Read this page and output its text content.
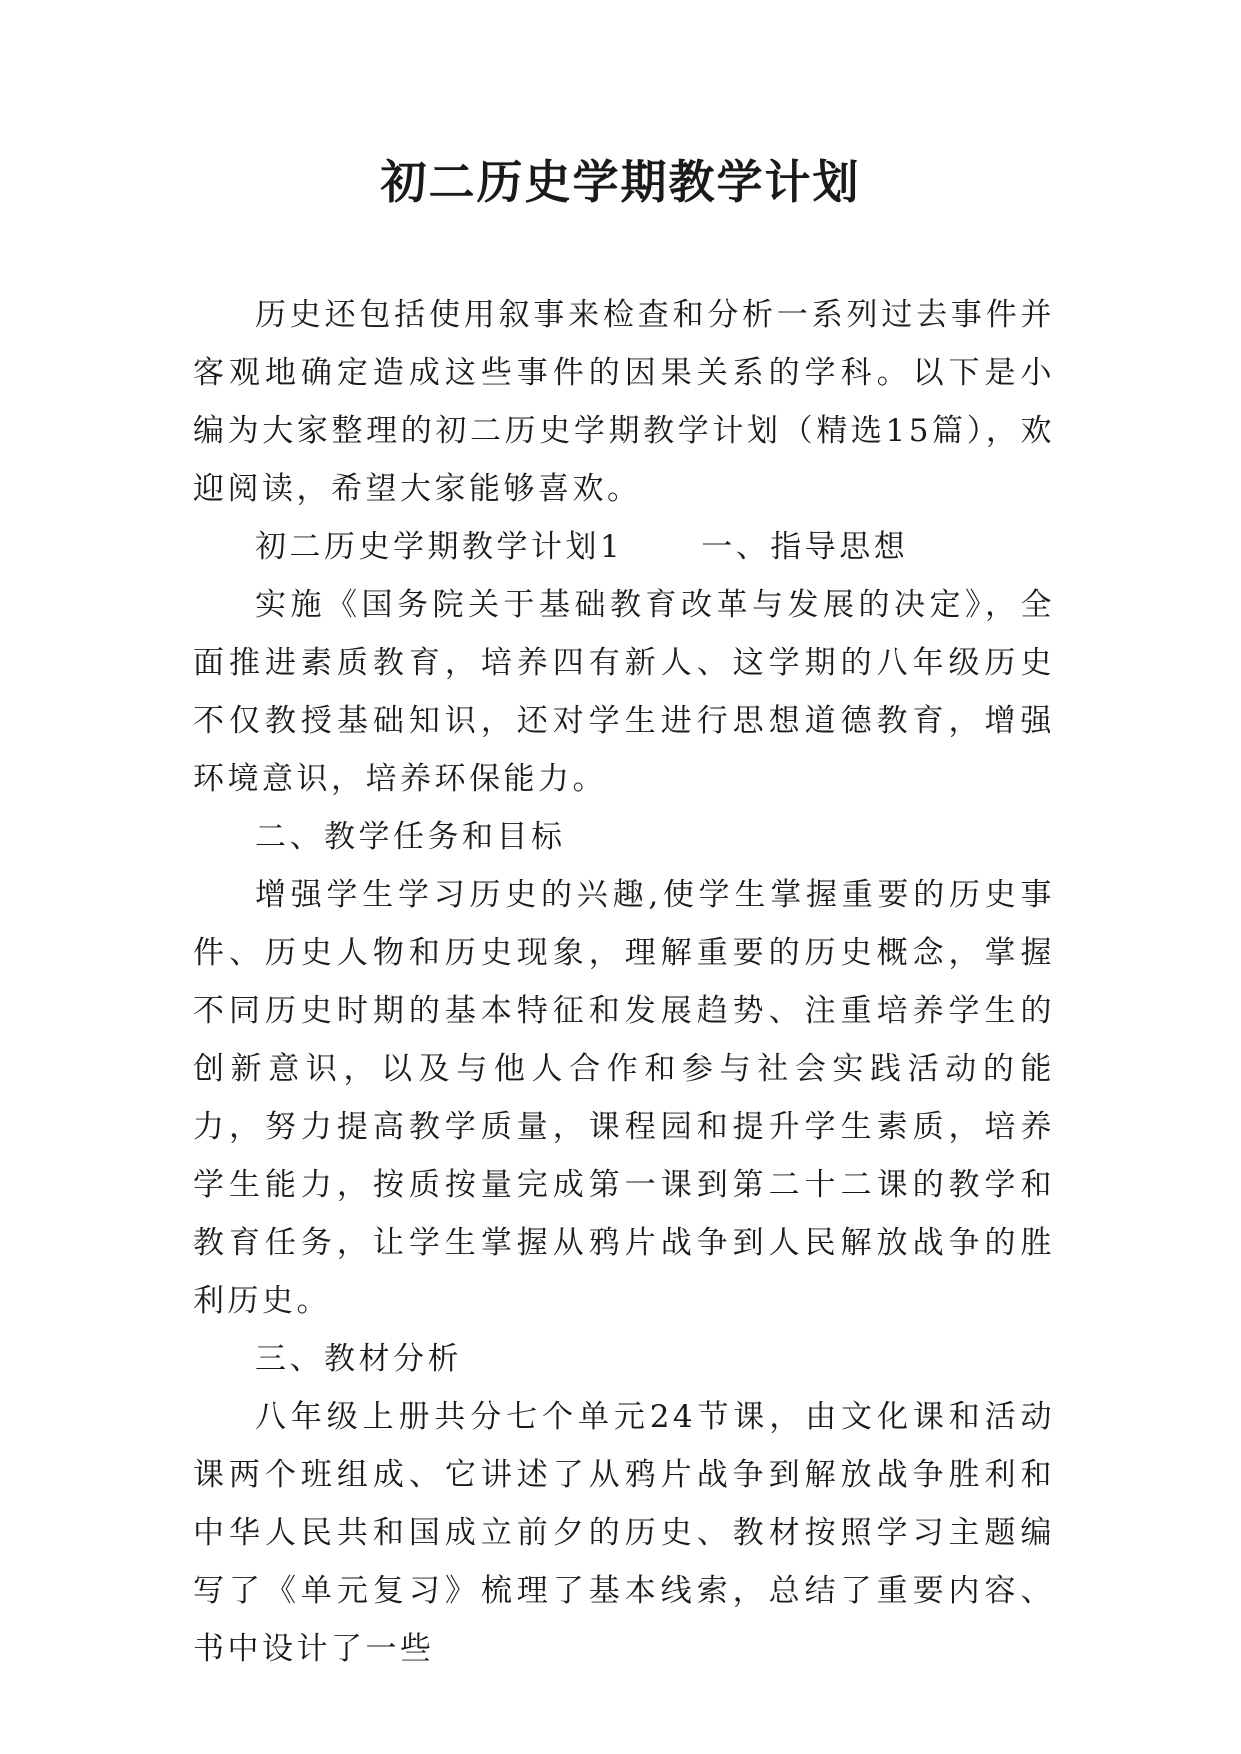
初二历史学期教学计划

历史还包括使用叙事来检查和分析一系列过去事件并客观地确定造成这些事件的因果关系的学科。以下是小编为大家整理的初二历史学期教学计划（精选15篇），欢迎阅读，希望大家能够喜欢。

初二历史学期教学计划1	一、指导思想

实施《国务院关于基础教育改革与发展的决定》，全面推进素质教育，培养四有新人、这学期的八年级历史不仅教授基础知识，还对学生进行思想道德教育，增强环境意识，培养环保能力。

二、教学任务和目标

增强学生学习历史的兴趣,使学生掌握重要的历史事件、历史人物和历史现象，理解重要的历史概念，掌握不同历史时期的基本特征和发展趋势、注重培养学生的创新意识，以及与他人合作和参与社会实践活动的能力，努力提高教学质量，课程园和提升学生素质，培养学生能力，按质按量完成第一课到第二十二课的教学和教育任务，让学生掌握从鸦片战争到人民解放战争的胜利历史。

三、教材分析

八年级上册共分七个单元24节课，由文化课和活动课两个班组成、它讲述了从鸦片战争到解放战争胜利和中华人民共和国成立前夕的历史、教材按照学习主题编写了《单元复习》梳理了基本线索，总结了重要内容、书中设计了一些
